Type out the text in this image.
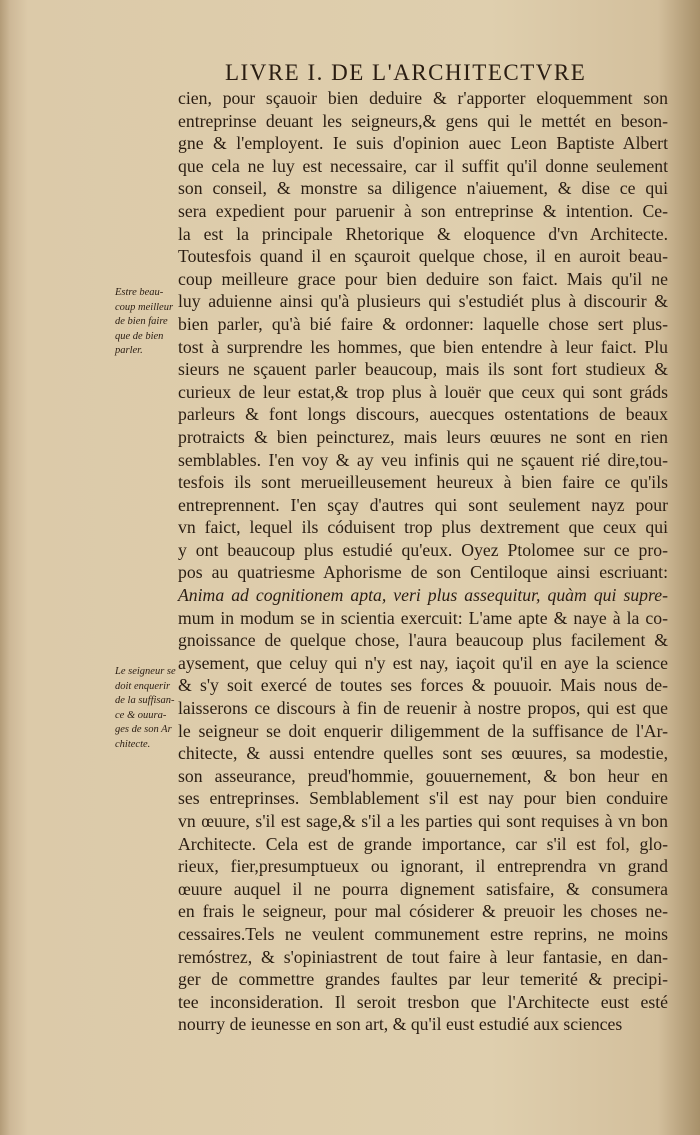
LIVRE I. DE L'ARCHITECTVRE
Estre beau-
coup meilleur
de bien faire
que de bien
parler.
Le seigneur se
doit enquerir
de la suffisan-
ce & ouura-
ges de son Ar
chitecte.
cien, pour sçauoir bien deduire & r'apporter eloquemment son
entreprinse deuant les seigneurs,& gens qui le mettét en beson-
gne & l'employent. Ie suis d'opinion auec Leon Baptiste Albert
que cela ne luy est necessaire, car il suffit qu'il donne seulement
son conseil, & monstre sa diligence n'aiuement, & dise ce qui
sera expedient pour paruenir à son entreprinse & intention. Ce-
la est la principale Rhetorique & eloquence d'vn Architecte.
Toutesfois quand il en sçauroit quelque chose, il en auroit beau-
coup meilleure grace pour bien deduire son faict. Mais qu'il ne
luy aduienne ainsi qu'à plusieurs qui s'estudiét plus à discourir &
bien parler, qu'à bié faire & ordonner: laquelle chose sert plus-
tost à surprendre les hommes, que bien entendre à leur faict. Plu
sieurs ne sçauent parler beaucoup, mais ils sont fort studieux &
curieux de leur estat,& trop plus à louër que ceux qui sont gráds
parleurs & font longs discours, auecques ostentations de beaux
protraicts & bien peincturez, mais leurs œuures ne sont en rien
semblables. I'en voy & ay veu infinis qui ne sçauent rié dire,tou-
tesfois ils sont merueilleusement heureux à bien faire ce qu'ils
entreprennent. I'en sçay d'autres qui sont seulement nayz pour
vn faict, lequel ils códuisent trop plus dextrement que ceux qui
y ont beaucoup plus estudié qu'eux. Oyez Ptolomee sur ce pro-
pos au quatriesme Aphorisme de son Centiloque ainsi escriuant:
Anima ad cognitionem apta, veri plus assequitur, quàm qui supre-
mum in modum se in scientia exercuit: L'ame apte & naye à la co-
gnoissance de quelque chose, l'aura beaucoup plus facilement &
aysement, que celuy qui n'y est nay, iaçoit qu'il en aye la science
& s'y soit exercé de toutes ses forces & pouuoir. Mais nous de-
laisserons ce discours à fin de reuenir à nostre propos, qui est que
le seigneur se doit enquerir diligemment de la suffisance de l'Ar-
chitecte, & aussi entendre quelles sont ses œuures, sa modestie,
son asseurance, preud'hommie, gouuernement, & bon heur en
ses entreprinses. Semblablement s'il est nay pour bien conduire
vn œuure, s'il est sage,& s'il a les parties qui sont requises à vn bon
Architecte. Cela est de grande importance, car s'il est fol, glo-
rieux, fier,presumptueux ou ignorant, il entreprendra vn grand
œuure auquel il ne pourra dignement satisfaire, & consumera
en frais le seigneur, pour mal cósiderer & preuoir les choses ne-
cessaires.Tels ne veulent communement estre reprins, ne moins
remóstrez, & s'opiniastrent de tout faire à leur fantasie, en dan-
ger de commettre grandes faultes par leur temerité & precipi-
tee inconsideration. Il seroit tresbon que l'Architecte eust esté
nourry de ieunesse en son art, & qu'il eust estudié aux sciences
